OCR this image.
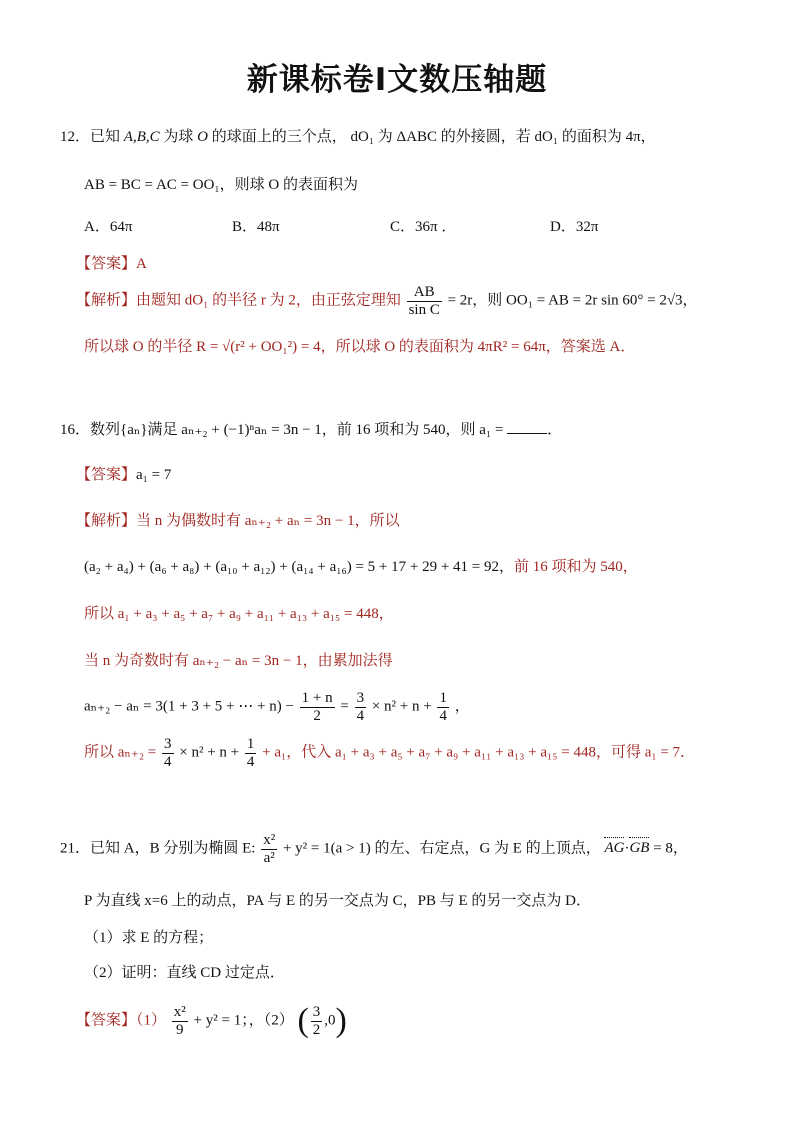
新课标卷Ⅰ文数压轴题
12．已知 A,B,C 为球 O 的球面上的三个点， dO₁ 为 ΔABC 的外接圆，若 dO₁ 的面积为 4π，
AB = BC = AC = OO₁，则球 O 的表面积为
A．64π	B．48π	C．36π ．	D．32π
【答案】A
【解析】由题知 dO₁ 的半径 r 为 2，由正弦定理知 $\frac{AB}{\text{sin C}} = 2r$，则 OO₁ = AB = 2r sin 60° = 2√3，
所以球 O 的半径 R = √(r² + OO₁²) = 4，所以球 O 的表面积为 4πR² = 64π，答案选 A．
16．数列{aₙ}满足 aₙ₊₂ + (−1)ⁿaₙ = 3n − 1，前 16 项和为 540，则 a₁ =	．
【答案】a₁ = 7
【解析】当 n 为偶数时有 aₙ₊₂ + aₙ = 3n − 1，所以
(a₂ + a₄) + (a₆ + a₈) + (a₁₀ + a₁₂) + (a₁₄ + a₁₆) = 5 + 17 + 29 + 41 = 92，前 16 项和为 540，
所以 a₁ + a₃ + a₅ + a₇ + a₉ + a₁₁ + a₁₃ + a₁₅ = 448，
当 n 为奇数时有 aₙ₊₂ − aₙ = 3n − 1，由累加法得
aₙ₊₂ − aₙ = 3(1 + 3 + 5 + ⋯ + $n) - \frac{1 + n}{2} = \frac{3}{4} \times n^2 + n + \frac{1}{4}$ ，
所以 $a_{n+2} = \frac{3}{4} \times n^2 + n + \frac{1}{4} + a_1$，代入 a₁ + a₃ + a₅ + a₇ + a₉ + a₁₁ + a₁₃ + a₁₅ = 448，可得 a₁ = 7．
21．已知 A，B 分别为椭圆 E: $\frac{\text{x²}}{\text{a²}} + y^2 = 1(a > 1)$ 的左、右定点，G 为 E 的上顶点， AG·GB = 8，
P 为直线 x=6 上的动点，PA 与 E 的另一交点为 C，PB 与 E 的另一交点为 D．
（1）求 E 的方程；
（2）证明：直线 CD 过定点．
【答案】$(1) \frac{\text{x²}}{9} + y^2 = 1$；，（2） ( $\frac{3}{2} ,0$)
